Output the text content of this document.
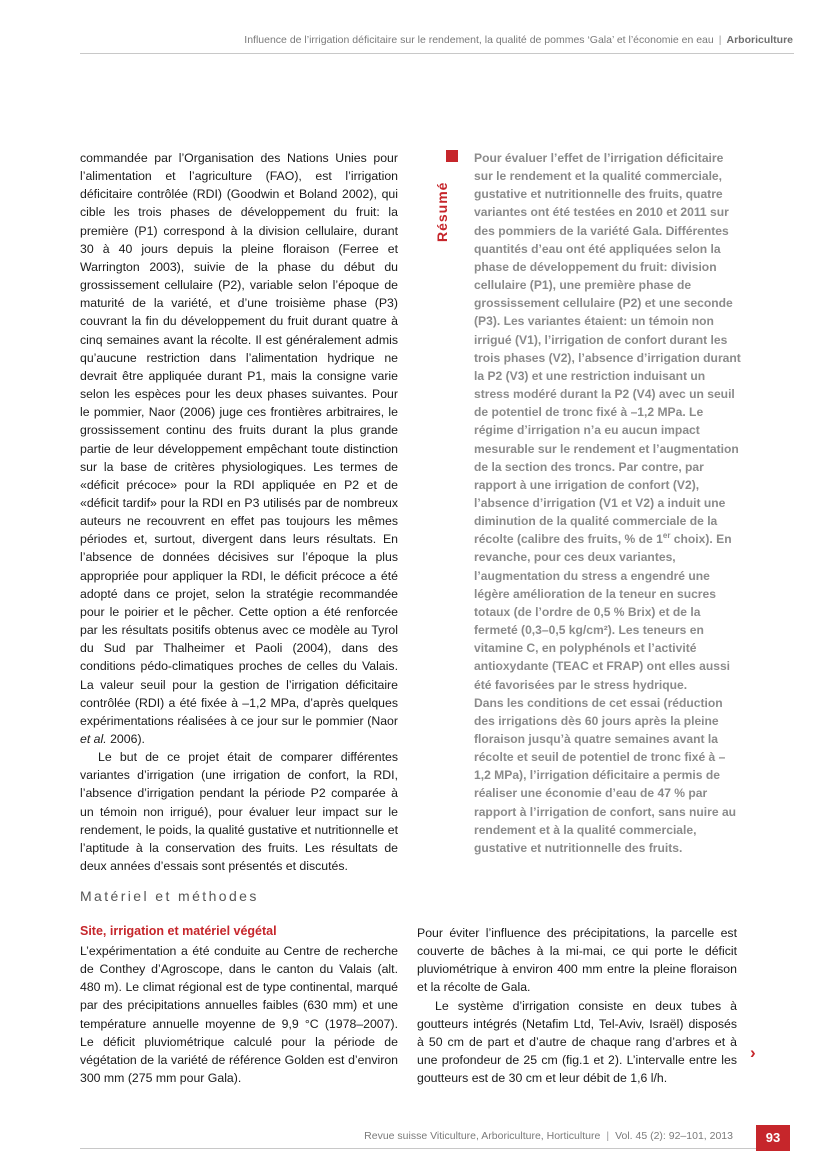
Influence de l’irrigation déficitaire sur le rendement, la qualité de pommes ‘Gala’ et l’économie en eau | Arboriculture

commandée par l’Organisation des Nations Unies pour l’alimentation et l’agriculture (FAO), est l’irrigation déficitaire contrôlée (RDI) (Goodwin et Boland 2002), qui cible les trois phases de développement du fruit: la première (P1) correspond à la division cellulaire, durant 30 à 40 jours depuis la pleine floraison (Ferree et Warrington 2003), suivie de la phase du début du grossissement cellulaire (P2), variable selon l’époque de maturité de la variété, et d’une troisième phase (P3) couvrant la fin du développement du fruit durant quatre à cinq semaines avant la récolte. Il est généralement admis qu’aucune restriction dans l’alimentation hydrique ne devrait être appliquée durant P1, mais la consigne varie selon les espèces pour les deux phases suivantes. Pour le pommier, Naor (2006) juge ces frontières arbitraires, le grossissement continu des fruits durant la plus grande partie de leur développement empêchant toute distinction sur la base de critères physiologiques. Les termes de «déficit précoce» pour la RDI appliquée en P2 et de «déficit tardif» pour la RDI en P3 utilisés par de nombreux auteurs ne recouvrent en effet pas toujours les mêmes périodes et, surtout, divergent dans leurs résultats. En l’absence de données décisives sur l’époque la plus appropriée pour appliquer la RDI, le déficit précoce a été adopté dans ce projet, selon la stratégie recommandée pour le poirier et le pêcher. Cette option a été renforcée par les résultats positifs obtenus avec ce modèle au Tyrol du Sud par Thalheimer et Paoli (2004), dans des conditions pédo-climatiques proches de celles du Valais. La valeur seuil pour la gestion de l’irrigation déficitaire contrôlée (RDI) a été fixée à –1,2 MPa, d’après quelques expérimentations réalisées à ce jour sur le pommier (Naor et al. 2006).

Le but de ce projet était de comparer différentes variantes d’irrigation (une irrigation de confort, la RDI, l’absence d’irrigation pendant la période P2 comparée à un témoin non irrigué), pour évaluer leur impact sur le rendement, le poids, la qualité gustative et nutritionnelle et l’aptitude à la conservation des fruits. Les résultats de deux années d’essais sont présentés et discutés.

Résumé

Pour évaluer l’effet de l’irrigation déficitaire sur le rendement et la qualité commerciale, gustative et nutritionnelle des fruits, quatre variantes ont été testées en 2010 et 2011 sur des pommiers de la variété Gala. Différentes quantités d’eau ont été appliquées selon la phase de développement du fruit: division cellulaire (P1), une première phase de grossissement cellulaire (P2) et une seconde (P3). Les variantes étaient: un témoin non irrigué (V1), l’irrigation de confort durant les trois phases (V2), l’absence d’irrigation durant la P2 (V3) et une restriction induisant un stress modéré durant la P2 (V4) avec un seuil de potentiel de tronc fixé à –1,2 MPa. Le régime d’irrigation n’a eu aucun impact mesurable sur le rendement et l’augmentation de la section des troncs. Par contre, par rapport à une irrigation de confort (V2), l’absence d’irrigation (V1 et V2) a induit une diminution de la qualité commerciale de la récolte (calibre des fruits, % de 1er choix). En revanche, pour ces deux variantes, l’augmentation du stress a engendré une légère amélioration de la teneur en sucres totaux (de l’ordre de 0,5 % Brix) et de la fermeté (0,3–0,5 kg/cm²). Les teneurs en vitamine C, en polyphénols et l’activité antioxydante (TEAC et FRAP) ont elles aussi été favorisées par le stress hydrique.

Dans les conditions de cet essai (réduction des irrigations dès 60 jours après la pleine floraison jusqu’à quatre semaines avant la récolte et seuil de potentiel de tronc fixé à –1,2 MPa), l’irrigation déficitaire a permis de réaliser une économie d’eau de 47 % par rapport à l’irrigation de confort, sans nuire au rendement et à la qualité commerciale, gustative et nutritionnelle des fruits.

Matériel et méthodes
Site, irrigation et matériel végétal

L’expérimentation a été conduite au Centre de recherche de Conthey d’Agroscope, dans le canton du Valais (alt. 480 m). Le climat régional est de type continental, marqué par des précipitations annuelles faibles (630 mm) et une température annuelle moyenne de 9,9 °C (1978–2007). Le déficit pluviométrique calculé pour la période de végétation de la variété de référence Golden est d’environ 300 mm (275 mm pour Gala).

Pour éviter l’influence des précipitations, la parcelle est couverte de bâches à la mi-mai, ce qui porte le déficit pluviométrique à environ 400 mm entre la pleine floraison et la récolte de Gala.

Le système d’irrigation consiste en deux tubes à goutteurs intégrés (Netafim Ltd, Tel-Aviv, Israël) disposés à 50 cm de part et d’autre de chaque rang d’arbres et à une profondeur de 25 cm (fig.1 et 2). L’intervalle entre les goutteurs est de 30 cm et leur débit de 1,6 l/h.

›
Revue suisse Viticulture, Arboriculture, Horticulture | Vol. 45 (2): 92–101, 2013	93
